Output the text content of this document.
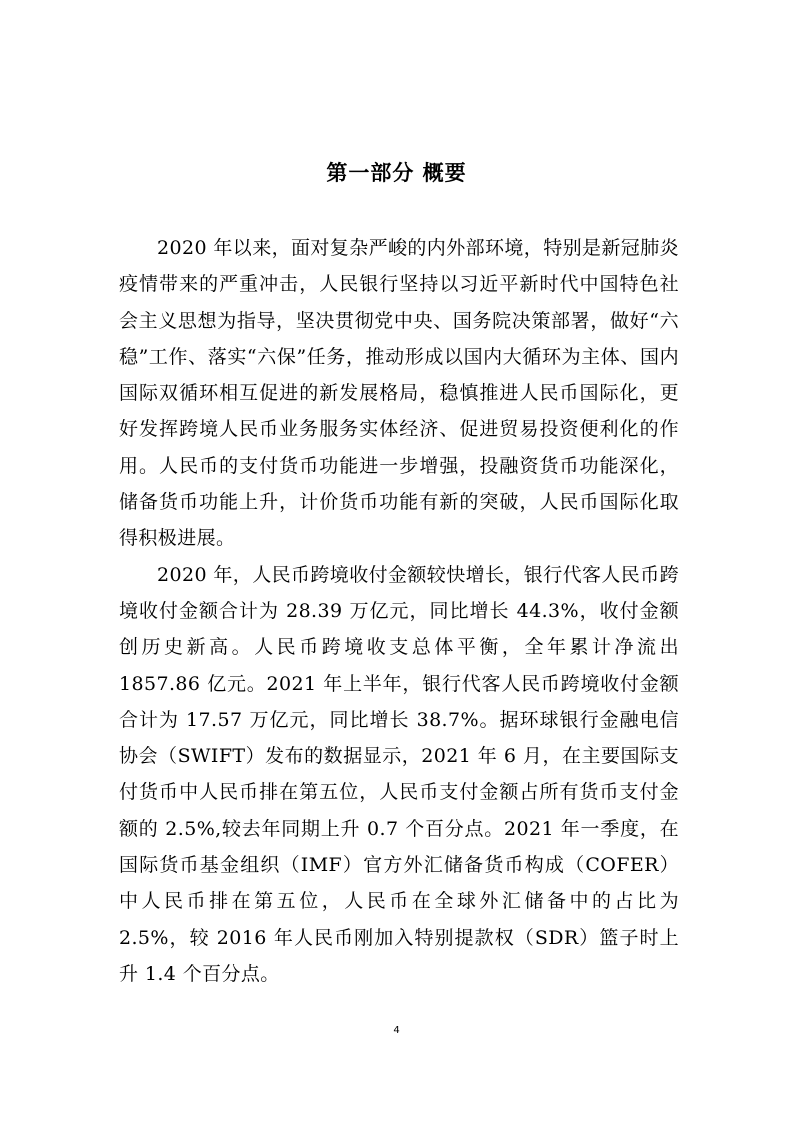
第一部分 概要

2020 年以来，面对复杂严峻的内外部环境，特别是新冠肺炎疫情带来的严重冲击，人民银行坚持以习近平新时代中国特色社会主义思想为指导，坚决贯彻党中央、国务院决策部署，做好“六稳”工作、落实“六保”任务，推动形成以国内大循环为主体、国内国际双循环相互促进的新发展格局，稳慎推进人民币国际化，更好发挥跨境人民币业务服务实体经济、促进贸易投资便利化的作用。人民币的支付货币功能进一步增强，投融资货币功能深化，储备货币功能上升，计价货币功能有新的突破，人民币国际化取得积极进展。

2020 年，人民币跨境收付金额较快增长，银行代客人民币跨境收付金额合计为 28.39 万亿元，同比增长 44.3%，收付金额创历史新高。人民币跨境收支总体平衡，全年累计净流出 1857.86 亿元。2021 年上半年，银行代客人民币跨境收付金额合计为 17.57 万亿元，同比增长 38.7%。据环球银行金融电信协会（SWIFT）发布的数据显示，2021 年 6 月，在主要国际支付货币中人民币排在第五位，人民币支付金额占所有货币支付金额的 2.5%,较去年同期上升 0.7 个百分点。2021 年一季度，在国际货币基金组织（IMF）官方外汇储备货币构成（COFER）中人民币排在第五位，人民币在全球外汇储备中的占比为 2.5%，较 2016 年人民币刚加入特别提款权（SDR）篮子时上升 1.4 个百分点。

4
